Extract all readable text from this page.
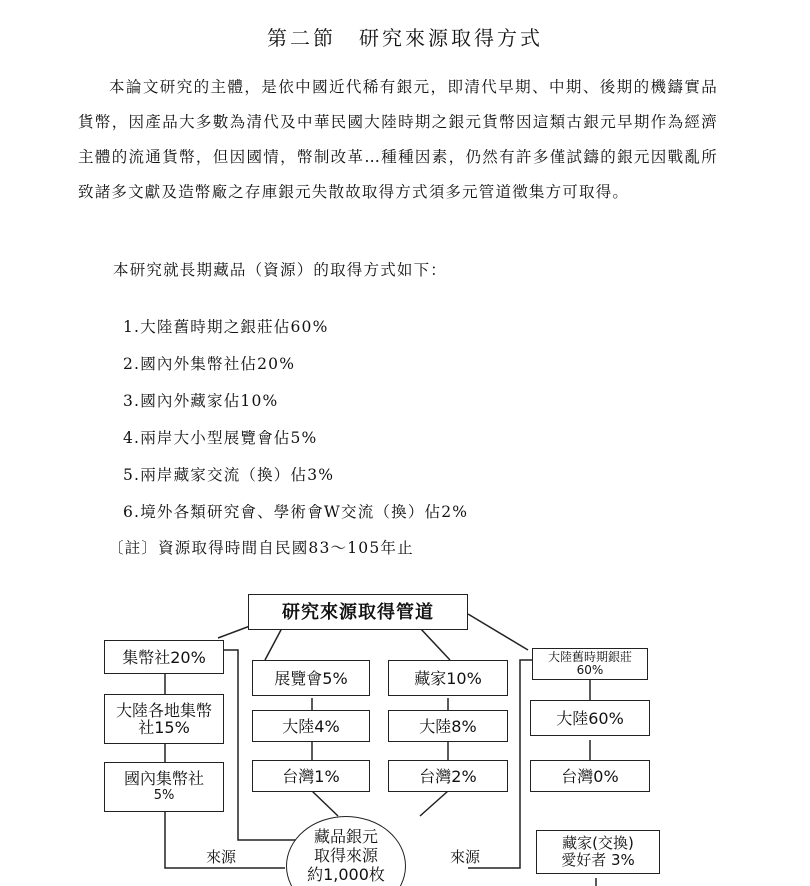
第二節　研究來源取得方式
本論文研究的主體，是依中國近代稀有銀元，即清代早期、中期、後期的機鑄實品貨幣，因產品大多數為清代及中華民國大陸時期之銀元貨幣因這類古銀元早期作為經濟主體的流通貨幣，但因國情，幣制改革…種種因素，仍然有許多僅試鑄的銀元因戰亂所致諸多文獻及造幣廠之存庫銀元失散故取得方式須多元管道徵集方可取得。
本研究就長期藏品（資源）的取得方式如下：
1.大陸舊時期之銀莊佔60%
2.國內外集幣社佔20%
3.國內外藏家佔10%
4.兩岸大小型展覽會佔5%
5.兩岸藏家交流（換）佔3%
6.境外各類研究會、學術會W交流（換）佔2%
〔註〕資源取得時間自民國83～105年止
研究來源取得管道
集幣社20%
大陸各地集幣社15%
國內集幣社
5%
展覽會5%
大陸4%
台灣1%
藏家10%
大陸8%
台灣2%
大陸舊時期銀莊
60%
大陸60%
台灣0%
藏家(交換)
愛好者 3%
藏品銀元
取得來源
約1,000枚
來源	來源
